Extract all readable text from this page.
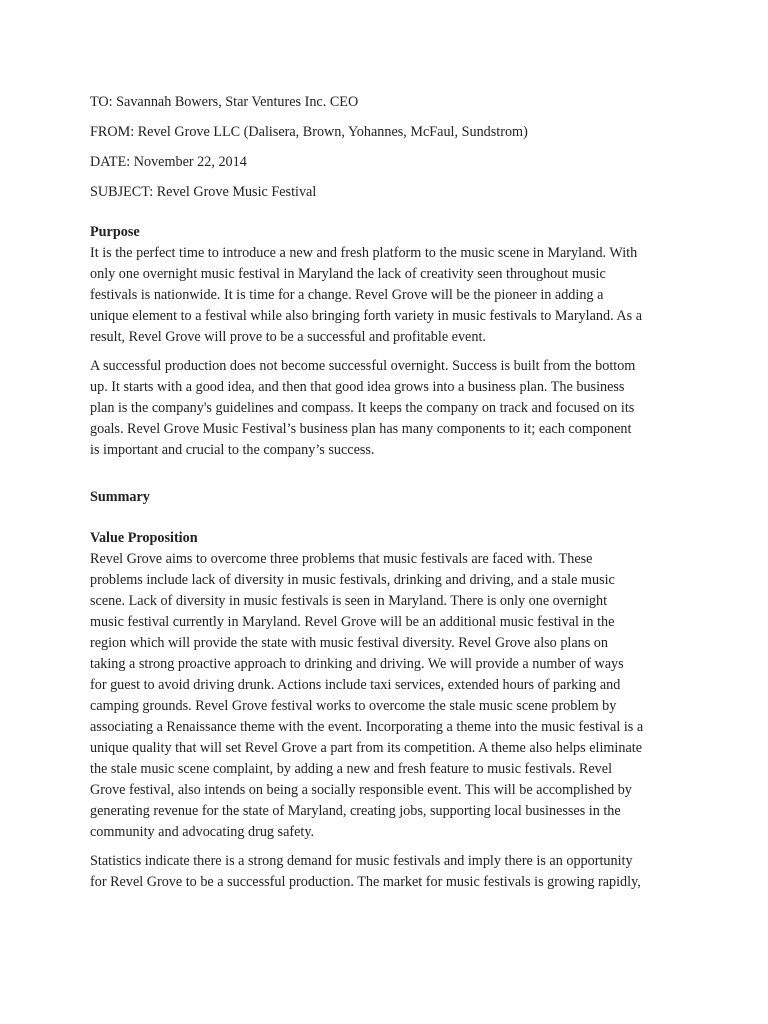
TO: Savannah Bowers, Star Ventures Inc. CEO

FROM: Revel Grove LLC (Dalisera, Brown, Yohannes, McFaul, Sundstrom)

DATE: November 22, 2014

SUBJECT: Revel Grove Music Festival

Purpose

It is the perfect time to introduce a new and fresh platform to the music scene in Maryland. With
only one overnight music festival in Maryland the lack of creativity seen throughout music
festivals is nationwide. It is time for a change. Revel Grove will be the pioneer in adding a
unique element to a festival while also bringing forth variety in music festivals to Maryland. As a
result, Revel Grove will prove to be a successful and profitable event.
A successful production does not become successful overnight. Success is built from the bottom
up. It starts with a good idea, and then that good idea grows into a business plan. The business
plan is the company's guidelines and compass. It keeps the company on track and focused on its
goals. Revel Grove Music Festival’s business plan has many components to it; each component
is important and crucial to the company’s success.

Summary

Value Proposition

Revel Grove aims to overcome three problems that music festivals are faced with. These
problems include lack of diversity in music festivals, drinking and driving, and a stale music
scene. Lack of diversity in music festivals is seen in Maryland. There is only one overnight
music festival currently in Maryland. Revel Grove will be an additional music festival in the
region which will provide the state with music festival diversity. Revel Grove also plans on
taking a strong proactive approach to drinking and driving. We will provide a number of ways
for guest to avoid driving drunk. Actions include taxi services, extended hours of parking and
camping grounds. Revel Grove festival works to overcome the stale music scene problem by
associating a Renaissance theme with the event. Incorporating a theme into the music festival is a
unique quality that will set Revel Grove a part from its competition. A theme also helps eliminate
the stale music scene complaint, by adding a new and fresh feature to music festivals. Revel
Grove festival, also intends on being a socially responsible event. This will be accomplished by
generating revenue for the state of Maryland, creating jobs, supporting local businesses in the
community and advocating drug safety.
Statistics indicate there is a strong demand for music festivals and imply there is an opportunity
for Revel Grove to be a successful production. The market for music festivals is growing rapidly,
